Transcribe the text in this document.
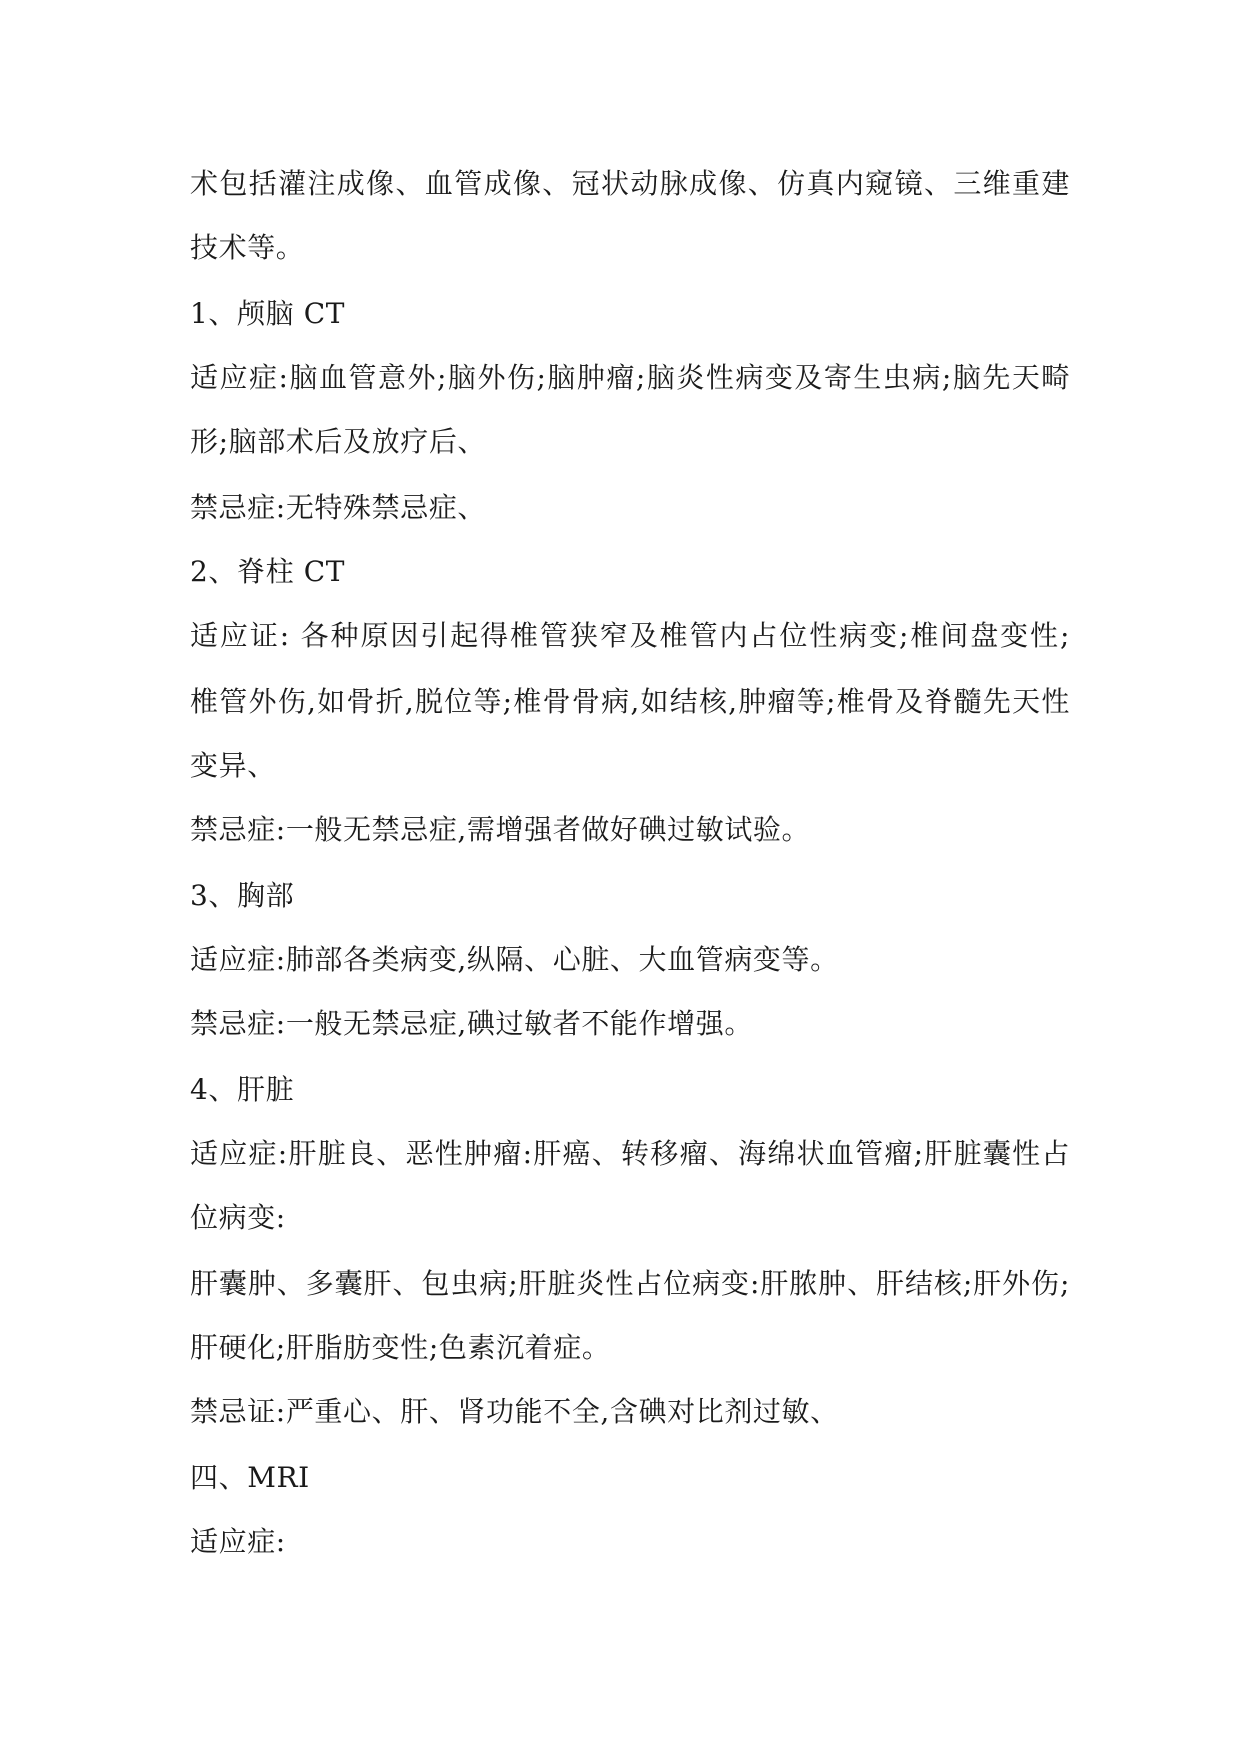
术包括灌注成像、血管成像、冠状动脉成像、仿真内窥镜、三维重建
技术等。
1、颅脑 CT
适应症:脑血管意外;脑外伤;脑肿瘤;脑炎性病变及寄生虫病;脑先天畸
形;脑部术后及放疗后、
禁忌症:无特殊禁忌症、
2、脊柱 CT
适应证: 各种原因引起得椎管狭窄及椎管内占位性病变;椎间盘变性;
椎管外伤,如骨折,脱位等;椎骨骨病,如结核,肿瘤等;椎骨及脊髓先天性
变异、
禁忌症:一般无禁忌症,需增强者做好碘过敏试验。
3、胸部
适应症:肺部各类病变,纵隔、心脏、大血管病变等。
禁忌症:一般无禁忌症,碘过敏者不能作增强。
4、肝脏
适应症:肝脏良、恶性肿瘤:肝癌、转移瘤、海绵状血管瘤;肝脏囊性占
位病变:
肝囊肿、多囊肝、包虫病;肝脏炎性占位病变:肝脓肿、肝结核;肝外伤;
肝硬化;肝脂肪变性;色素沉着症。
禁忌证:严重心、肝、肾功能不全,含碘对比剂过敏、
四、MRI
适应症:
